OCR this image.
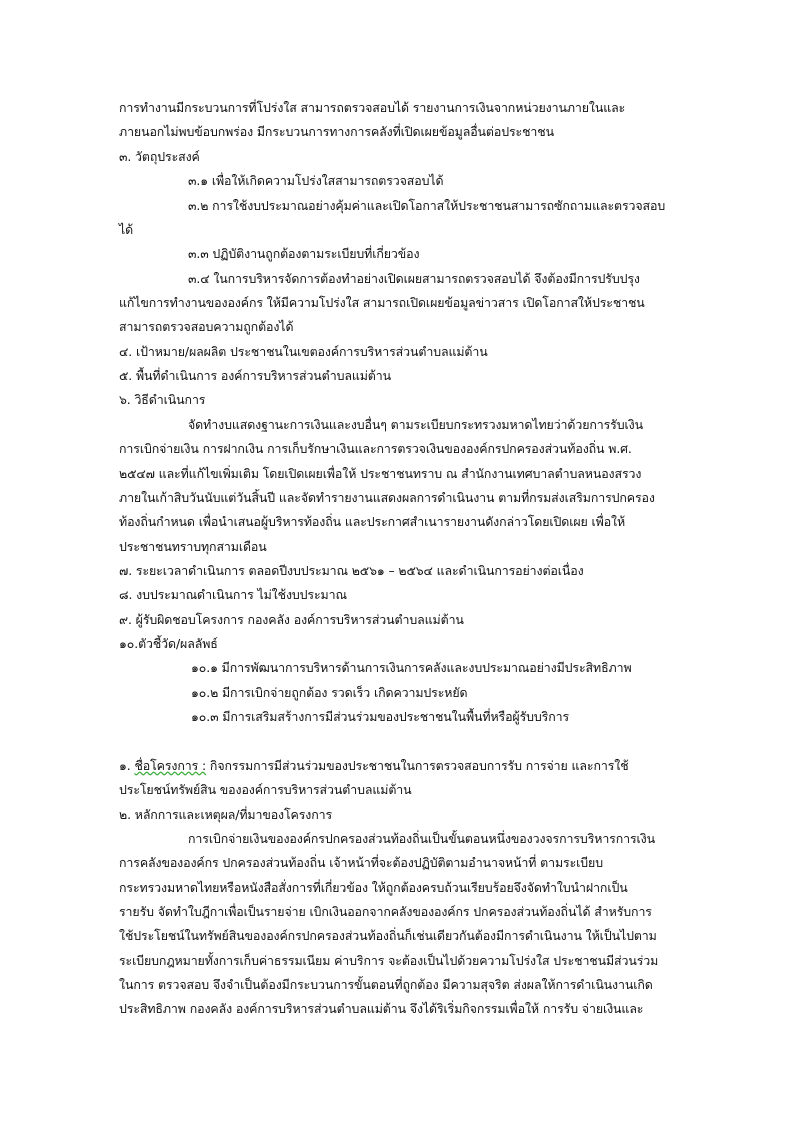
การทำงานมีกระบวนการที่โปร่งใส สามารถตรวจสอบได้ รายงานการเงินจากหน่วยงานภายในและ
ภายนอกไม่พบข้อบกพร่อง มีกระบวนการทางการคลังที่เปิดเผยข้อมูลอื่นต่อประชาชน
๓. วัตถุประสงค์
๓.๑ เพื่อให้เกิดความโปร่งใสสามารถตรวจสอบได้
๓.๒ การใช้งบประมาณอย่างคุ้มค่าและเปิดโอกาสให้ประชาชนสามารถซักถามและตรวจสอบ
ได้
๓.๓ ปฏิบัติงานถูกต้องตามระเบียบที่เกี่ยวข้อง
๓.๔ ในการบริหารจัดการต้องทำอย่างเปิดเผยสามารถตรวจสอบได้ จึงต้องมีการปรับปรุง
แก้ไขการทำงานขององค์กร ให้มีความโปร่งใส สามารถเปิดเผยข้อมูลข่าวสาร เปิดโอกาสให้ประชาชน
สามารถตรวจสอบความถูกต้องได้
๔. เป้าหมาย/ผลผลิต ประชาชนในเขตองค์การบริหารส่วนตำบลแม่ต้าน
๕. พื้นที่ดำเนินการ องค์การบริหารส่วนตำบลแม่ต้าน
๖. วิธีดำเนินการ
จัดทำงบแสดงฐานะการเงินและงบอื่นๆ ตามระเบียบกระทรวงมหาดไทยว่าด้วยการรับเงิน
การเบิกจ่ายเงิน การฝากเงิน การเก็บรักษาเงินและการตรวจเงินขององค์กรปกครองส่วนท้องถิ่น พ.ศ.
๒๕๔๗ และที่แก้ไขเพิ่มเติม โดยเปิดเผยเพื่อให้ ประชาชนทราบ ณ สำนักงานเทศบาลตำบลหนองสรวง
ภายในเก้าสิบวันนับแต่วันสิ้นปี และจัดทำรายงานแสดงผลการดำเนินงาน ตามที่กรมส่งเสริมการปกครอง
ท้องถิ่นกำหนด เพื่อนำเสนอผู้บริหารท้องถิ่น และประกาศสำเนารายงานดังกล่าวโดยเปิดเผย เพื่อให้
ประชาชนทราบทุกสามเดือน
๗. ระยะเวลาดำเนินการ ตลอดปีงบประมาณ ๒๕๖๑ – ๒๕๖๔ และดำเนินการอย่างต่อเนื่อง
๘. งบประมาณดำเนินการ ไม่ใช้งบประมาณ
๙. ผู้รับผิดชอบโครงการ กองคลัง องค์การบริหารส่วนตำบลแม่ต้าน
๑๐.ตัวชี้วัด/ผลลัพธ์
๑๐.๑ มีการพัฒนาการบริหารด้านการเงินการคลังและงบประมาณอย่างมีประสิทธิภาพ
๑๐.๒ มีการเบิกจ่ายถูกต้อง รวดเร็ว เกิดความประหยัด
๑๐.๓ มีการเสริมสร้างการมีส่วนร่วมของประชาชนในพื้นที่หรือผู้รับบริการ
๑. ชื่อโครงการ : กิจกรรมการมีส่วนร่วมของประชาชนในการตรวจสอบการรับ การจ่าย และการใช้
ประโยชน์ทรัพย์สิน ขององค์การบริหารส่วนตำบลแม่ต้าน
๒. หลักการและเหตุผล/ที่มาของโครงการ
การเบิกจ่ายเงินขององค์กรปกครองส่วนท้องถิ่นเป็นขั้นตอนหนึ่งของวงจรการบริหารการเงิน
การคลังขององค์กร ปกครองส่วนท้องถิ่น เจ้าหน้าที่จะต้องปฏิบัติตามอำนาจหน้าที่ ตามระเบียบ
กระทรวงมหาดไทยหรือหนังสือสั่งการที่เกี่ยวข้อง ให้ถูกต้องครบถ้วนเรียบร้อยจึงจัดทำใบนำฝากเป็น
รายรับ จัดทำใบฎีกาเพื่อเป็นรายจ่าย เบิกเงินออกจากคลังขององค์กร ปกครองส่วนท้องถิ่นได้ สำหรับการ
ใช้ประโยชน์ในทรัพย์สินขององค์กรปกครองส่วนท้องถิ่นก็เช่นเดียวกันต้องมีการดำเนินงาน ให้เป็นไปตาม
ระเบียบกฎหมายทั้งการเก็บค่าธรรมเนียม ค่าบริการ จะต้องเป็นไปด้วยความโปร่งใส ประชาชนมีส่วนร่วม
ในการ ตรวจสอบ จึงจำเป็นต้องมีกระบวนการขั้นตอนที่ถูกต้อง มีความสุจริต ส่งผลให้การดำเนินงานเกิด
ประสิทธิภาพ กองคลัง องค์การบริหารส่วนตำบลแม่ต้าน จึงได้ริเริ่มกิจกรรมเพื่อให้ การรับ จ่ายเงินและ
